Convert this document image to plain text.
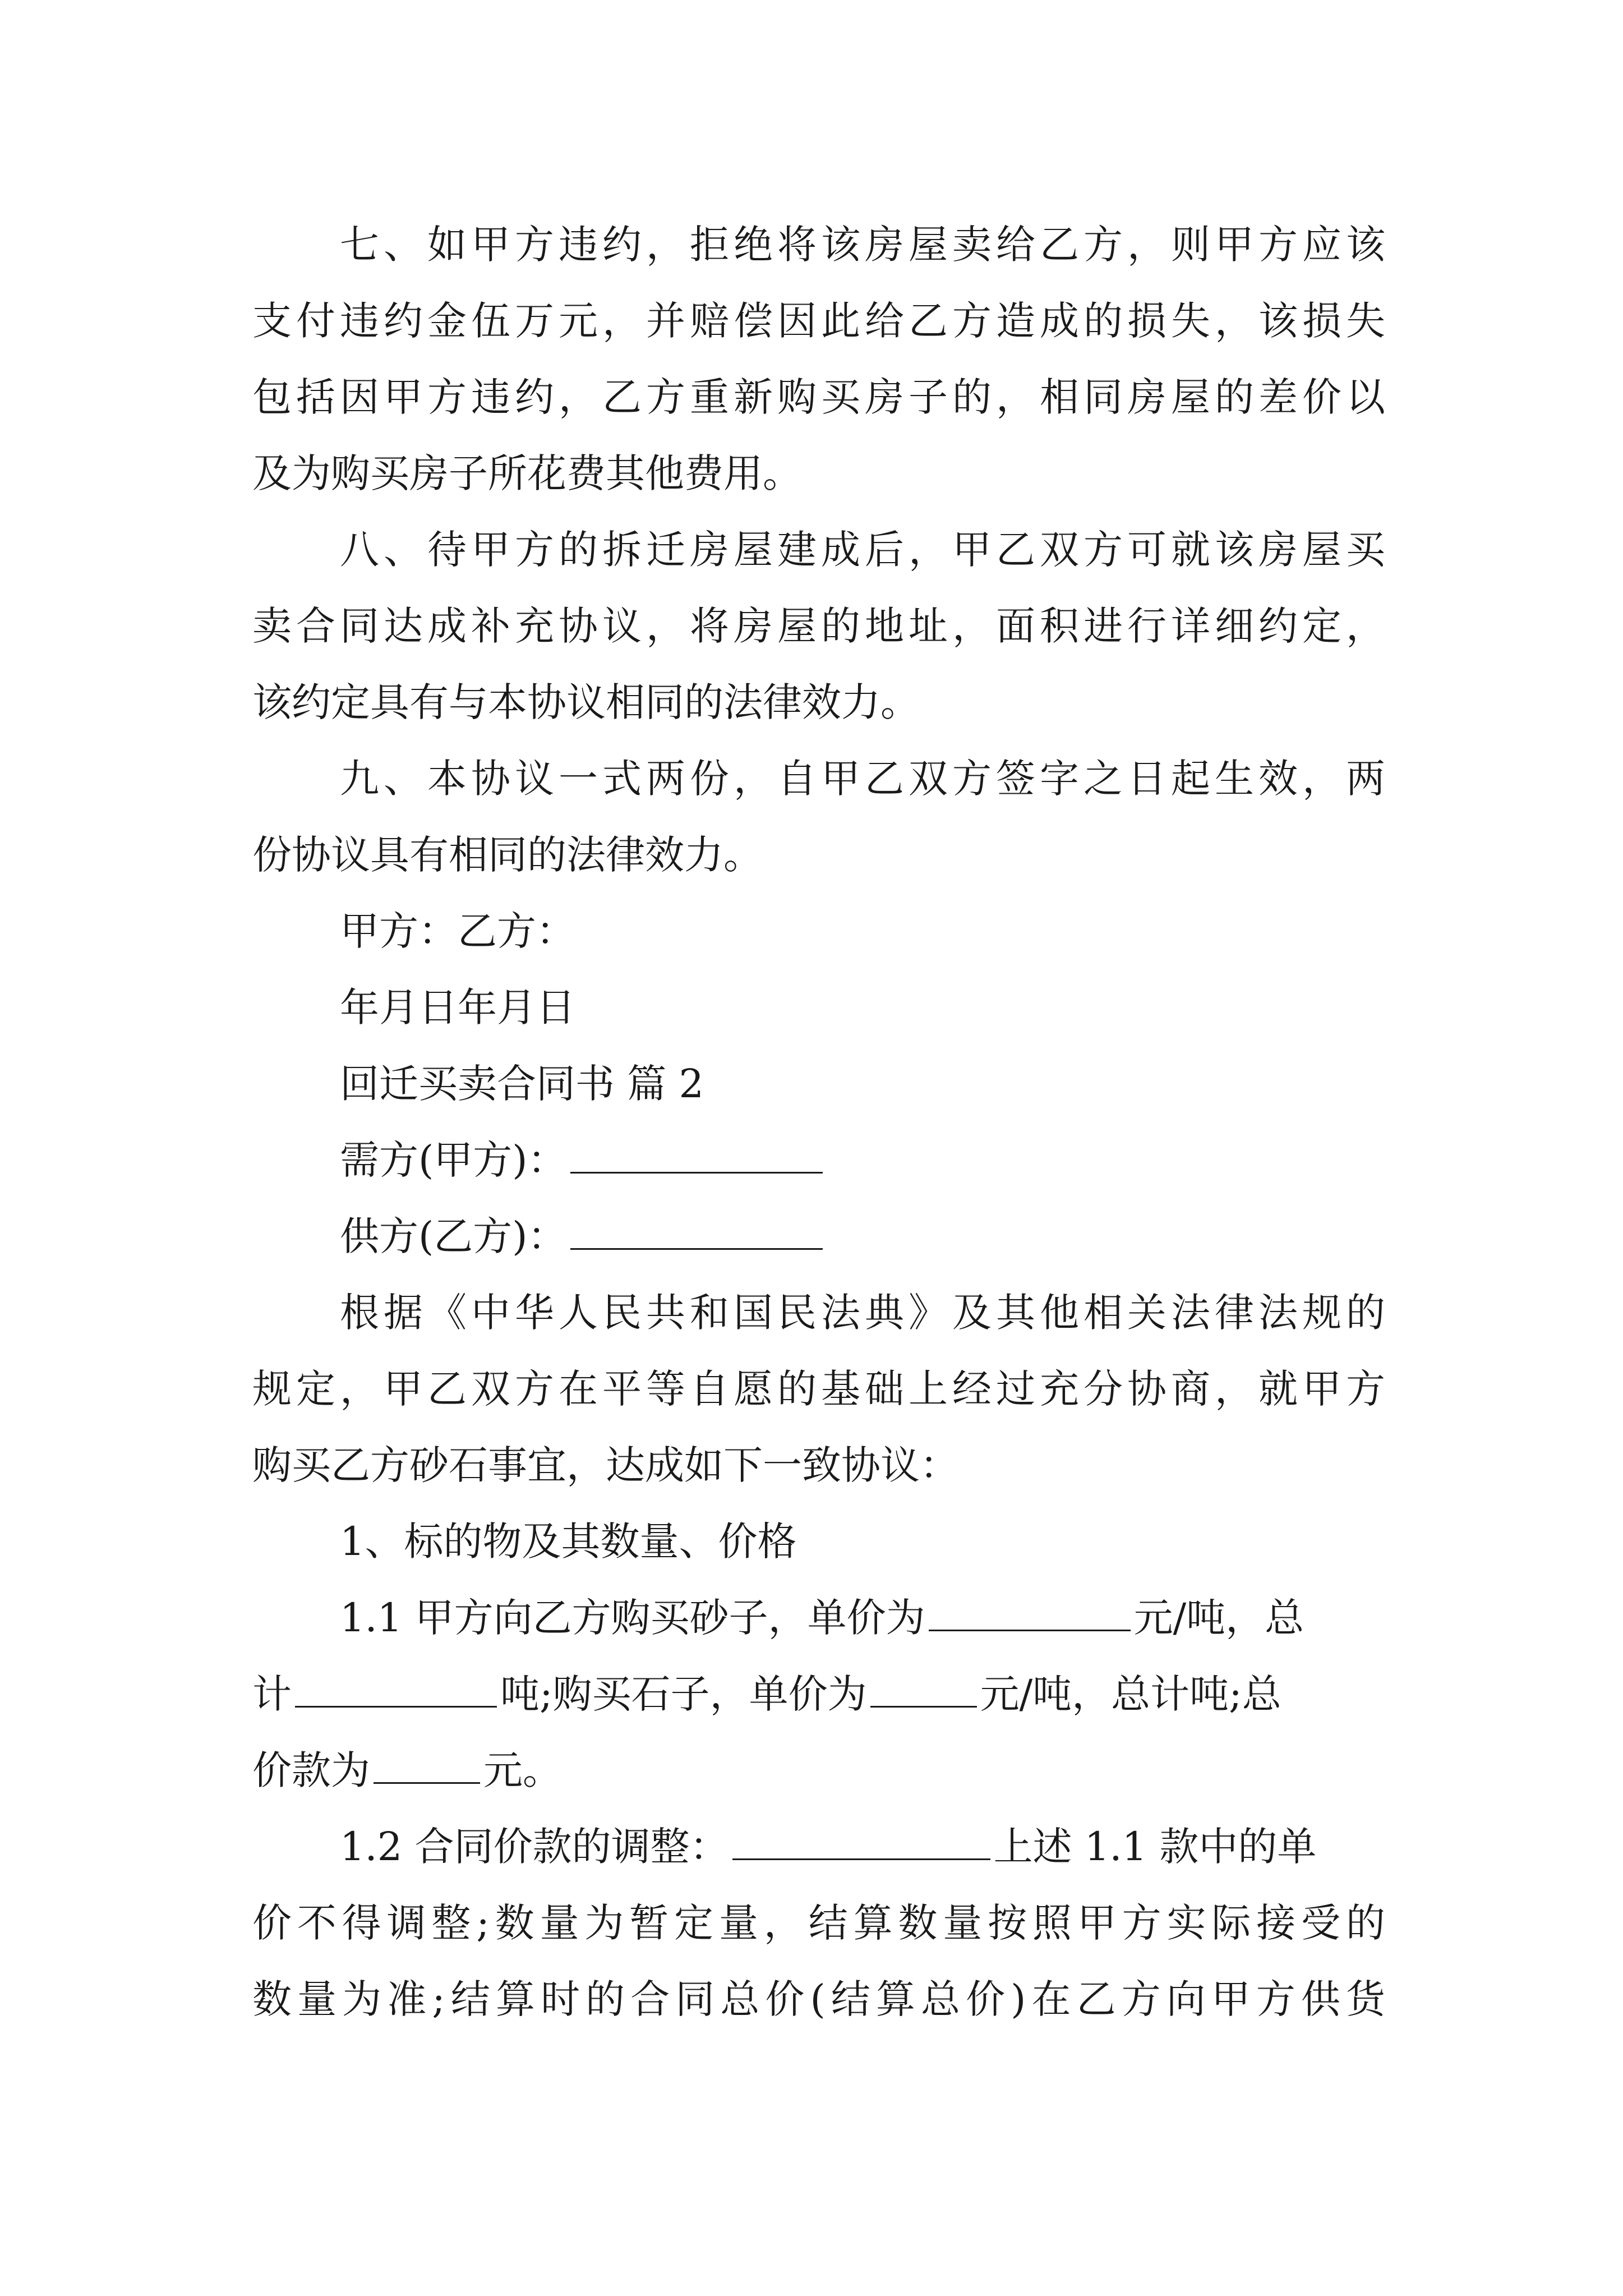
七、如甲方违约，拒绝将该房屋卖给乙方，则甲方应该
支付违约金伍万元，并赔偿因此给乙方造成的损失，该损失
包括因甲方违约，乙方重新购买房子的，相同房屋的差价以
及为购买房子所花费其他费用。
八、待甲方的拆迁房屋建成后，甲乙双方可就该房屋买
卖合同达成补充协议，将房屋的地址，面积进行详细约定，
该约定具有与本协议相同的法律效力。
九、本协议一式两份，自甲乙双方签字之日起生效，两
份协议具有相同的法律效力。
甲方：乙方：
年月日年月日
回迁买卖合同书 篇 2
需方(甲方)：
供方(乙方)：
根据《中华人民共和国民法典》及其他相关法律法规的
规定，甲乙双方在平等自愿的基础上经过充分协商，就甲方
购买乙方砂石事宜，达成如下一致协议：
1、标的物及其数量、价格
1.1 甲方向乙方购买砂子，单价为	元/吨，总
计	吨;购买石子，单价为	元/吨，总计吨;总
价款为	元。
1.2 合同价款的调整：	上述 1.1 款中的单
价不得调整;数量为暂定量，结算数量按照甲方实际接受的
数量为准;结算时的合同总价(结算总价)在乙方向甲方供货
